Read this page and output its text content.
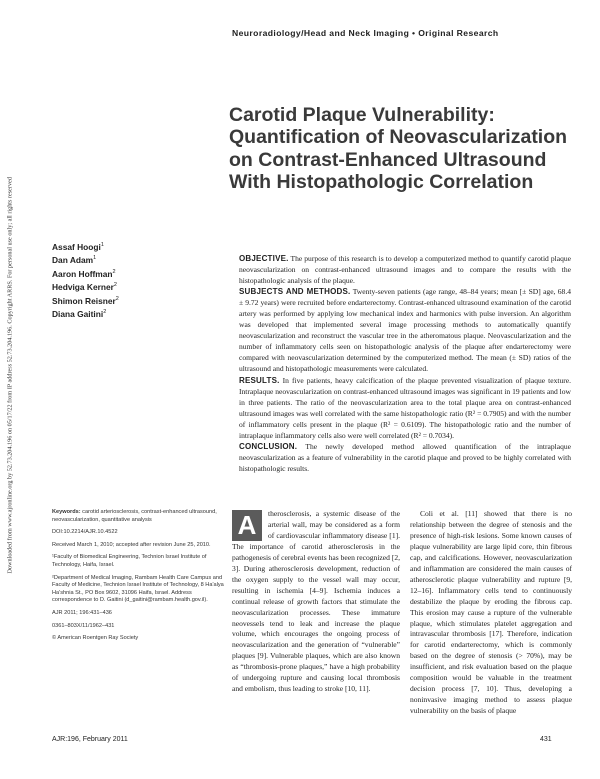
Downloaded from www.ajronline.org by 52.73.204.196 on 05/17/22 from IP address 52.73.204.196. Copyright ARRS. For personal use only; all rights reserved
Neuroradiology/Head and Neck Imaging • Original Research
Carotid Plaque Vulnerability: Quantification of Neovascularization on Contrast-Enhanced Ultrasound With Histopathologic Correlation
Assaf Hoogi$^1$
Dan Adam$^1$
Aaron Hoffman$^2$
Hedviga Kerner$^2$
Shimon Reisner$^2$
Diana Gaitini$^2$

OBJECTIVE. The purpose of this research is to develop a computerized method to quantify carotid plaque neovascularization on contrast-enhanced ultrasound images and to compare the results with the histopathologic analysis of the plaque.

SUBJECTS AND METHODS. Twenty-seven patients (age range, 48–84 years; mean [± SD] age, 68.4 ± 9.72 years) were recruited before endarterectomy. Contrast-enhanced ultrasound examination of the carotid artery was performed by applying low mechanical index and harmonics with pulse inversion. An algorithm was developed that implemented several image processing methods to automatically quantify neovascularization and reconstruct the vascular tree in the atheromatous plaque. Neovascularization and the number of inflammatory cells seen on histopathologic analysis of the plaque after endarterectomy were compared with neovascularization determined by the computerized method. The mean (± SD) ratios of the ultrasound and histopathologic measurements were calculated.

RESULTS. In five patients, heavy calcification of the plaque prevented visualization of plaque texture. Intraplaque neovascularization on contrast-enhanced ultrasound images was significant in 19 patients and low in three patients. The ratio of the neovascularization area to the total plaque area on contrast-enhanced ultrasound images was well correlated with the same histopathologic ratio (R² = 0.7905) and with the number of inflammatory cells present in the plaque (R² = 0.6109). The histopathologic ratio and the number of intraplaque inflammatory cells also were well correlated (R² = 0.7034).

CONCLUSION. The newly developed method allowed quantification of the intraplaque neovascularization as a feature of vulnerability in the carotid plaque and proved to be highly correlated with histopathologic results.

Keywords: carotid arteriosclerosis, contrast-enhanced ultrasound, neovascularization, quantitative analysis

DOI:10.2214/AJR.10.4522

Received March 1, 2010; accepted after revision June 25, 2010.

¹Faculty of Biomedical Engineering, Technion Israel Institute of Technology, Haifa, Israel.

²Department of Medical Imaging, Rambam Health Care Campus and Faculty of Medicine, Technion Israel Institute of Technology, 8 Ha'alya Ha'shnia St., PO Box 9602, 31096 Haifa, Israel. Address correspondence to D. Gaitini (d_gaitini@rambam.health.gov.il).

AJR 2011; 196:431–436

0361–803X/11/1962–431

© American Roentgen Ray Society

A	therosclerosis, a systemic disease of the arterial wall, may be considered as a form of cardiovascular inflammatory disease [1]. The importance of carotid atherosclerosis in the pathogenesis of cerebral events has been recognized [2, 3]. During atherosclerosis development, reduction of the oxygen supply to the vessel wall may occur, resulting in ischemia [4–9]. Ischemia induces a continual release of growth factors that stimulate the neovascularization processes. These immature neovessels tend to leak and increase the plaque volume, which encourages the ongoing process of neovascularization and the generation of “vulnerable” plaques [9]. Vulnerable plaques, which are also known as “thrombosis-prone plaques,” have a high probability of undergoing rupture and causing local thrombosis and embolism, thus leading to stroke [10, 11].
Coli et al. [11] showed that there is no relationship between the degree of stenosis and the presence of high-risk lesions. Some known causes of plaque vulnerability are large lipid core, thin fibrous cap, and calcifications. However, neovascularization and inflammation are considered the main causes of atherosclerotic plaque vulnerability and rupture [9, 12–16]. Inflammatory cells tend to continuously destabilize the plaque by eroding the fibrous cap. This erosion may cause a rupture of the vulnerable plaque, which stimulates platelet aggregation and intravascular thrombosis [17]. Therefore, indication for carotid endarterectomy, which is commonly based on the degree of stenosis (> 70%), may be insufficient, and risk evaluation based on the plaque composition would be valuable in the treatment decision process [7, 10]. Thus, developing a noninvasive imaging method to assess plaque vulnerability on the basis of plaque
AJR:196, February 2011	431
